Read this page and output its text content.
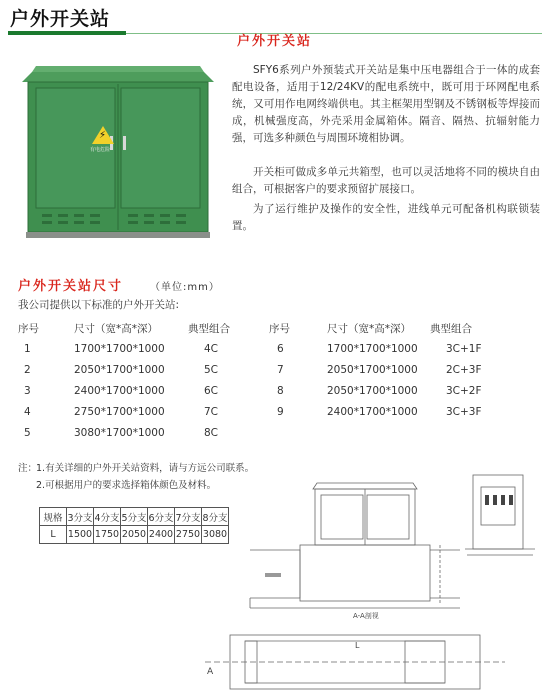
户外开关站
⚡
有电危险
户外开关站
SFY6系列户外预装式开关站是集中压电器组合于一体的成套配电设备，适用于12/24KV的配电系统中，既可用于环网配电系统，又可用作电网终端供电。其主框架用型钢及不锈钢板等焊接而成，机械强度高，外壳采用金属箱体。隔音、隔热、抗辐射能力强，可选多种颜色与周围环境相协调。
开关柜可做成多单元共箱型，也可以灵活地将不同的模块自由组合，可根据客户的要求预留扩展接口。
为了运行维护及操作的安全性，进线单元可配备机构联锁装置。
户外开关站尺寸	（单位:mm）
我公司提供以下标准的户外开关站:
序号	尺寸（宽*高*深）	典型组合	序号	尺寸（宽*高*深） 典型组合
1	1700*1700*1000	4C
2	2050*1700*1000	5C
3	2400*1700*1000	6C
4	2750*1700*1000	7C
5	3080*1700*1000	8C
6	1700*1700*1000	3C+1F
7	2050*1700*1000	2C+3F
8	2050*1700*1000	3C+2F
9	2400*1700*1000	3C+3F
注：
1.有关详细的户外开关站资料，请与方远公司联系。
2.可根据用户的要求选择箱体颜色及材料。
规格	3分支	4分支	5分支	6分支	7分支	8分支
L	1500	1750	2050	2400	2750	3080
A-A剖视
A
L
